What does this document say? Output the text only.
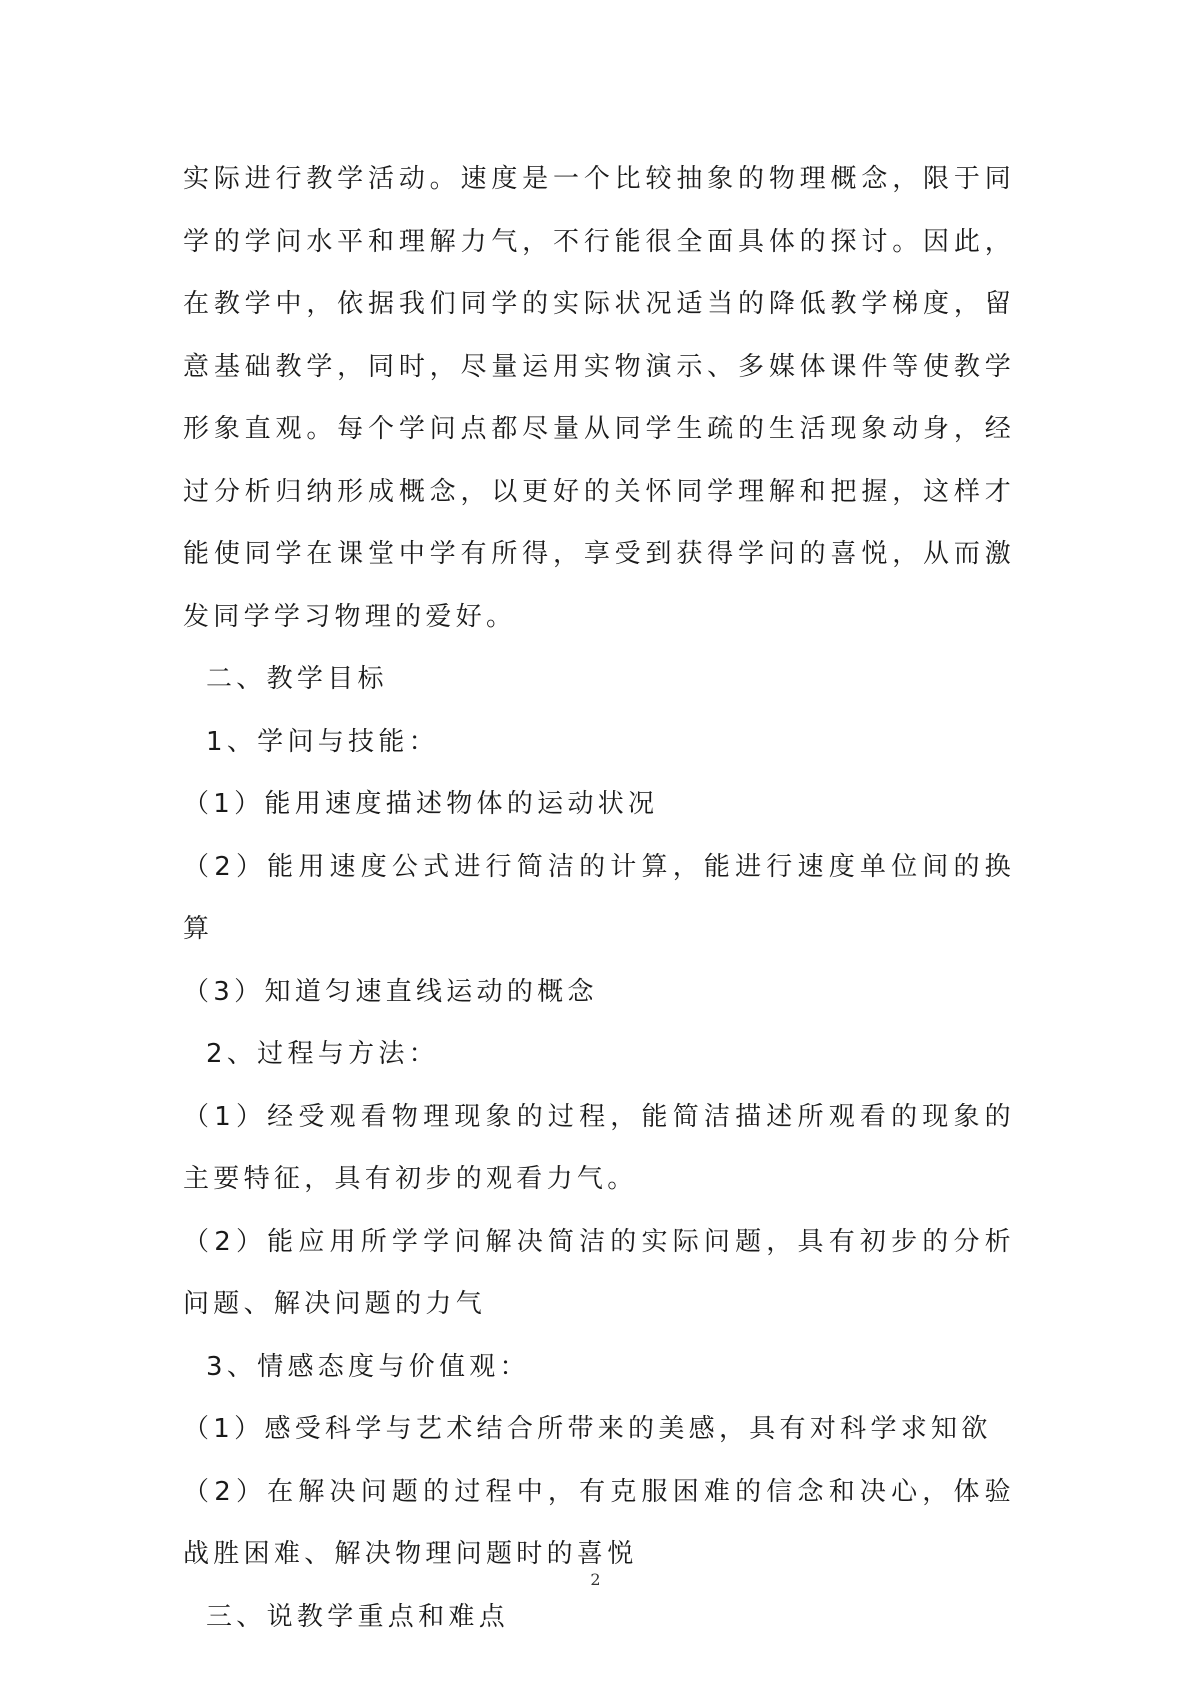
实际进行教学活动。速度是一个比较抽象的物理概念，限于同学的学问水平和理解力气，不行能很全面具体的探讨。因此，在教学中，依据我们同学的实际状况适当的降低教学梯度，留意基础教学，同时，尽量运用实物演示、多媒体课件等使教学形象直观。每个学问点都尽量从同学生疏的生活现象动身，经过分析归纳形成概念，以更好的关怀同学理解和把握，这样才能使同学在课堂中学有所得，享受到获得学问的喜悦，从而激发同学学习物理的爱好。

二、教学目标

1、学问与技能：

（1）能用速度描述物体的运动状况

（2）能用速度公式进行简洁的计算，能进行速度单位间的换算

（3）知道匀速直线运动的概念

2、过程与方法：

（1）经受观看物理现象的过程，能简洁描述所观看的现象的主要特征，具有初步的观看力气。

（2）能应用所学学问解决简洁的实际问题，具有初步的分析问题、解决问题的力气

3、情感态度与价值观：

（1）感受科学与艺术结合所带来的美感，具有对科学求知欲

（2）在解决问题的过程中，有克服困难的信念和决心，体验战胜困难、解决物理问题时的喜悦

三、说教学重点和难点

2
